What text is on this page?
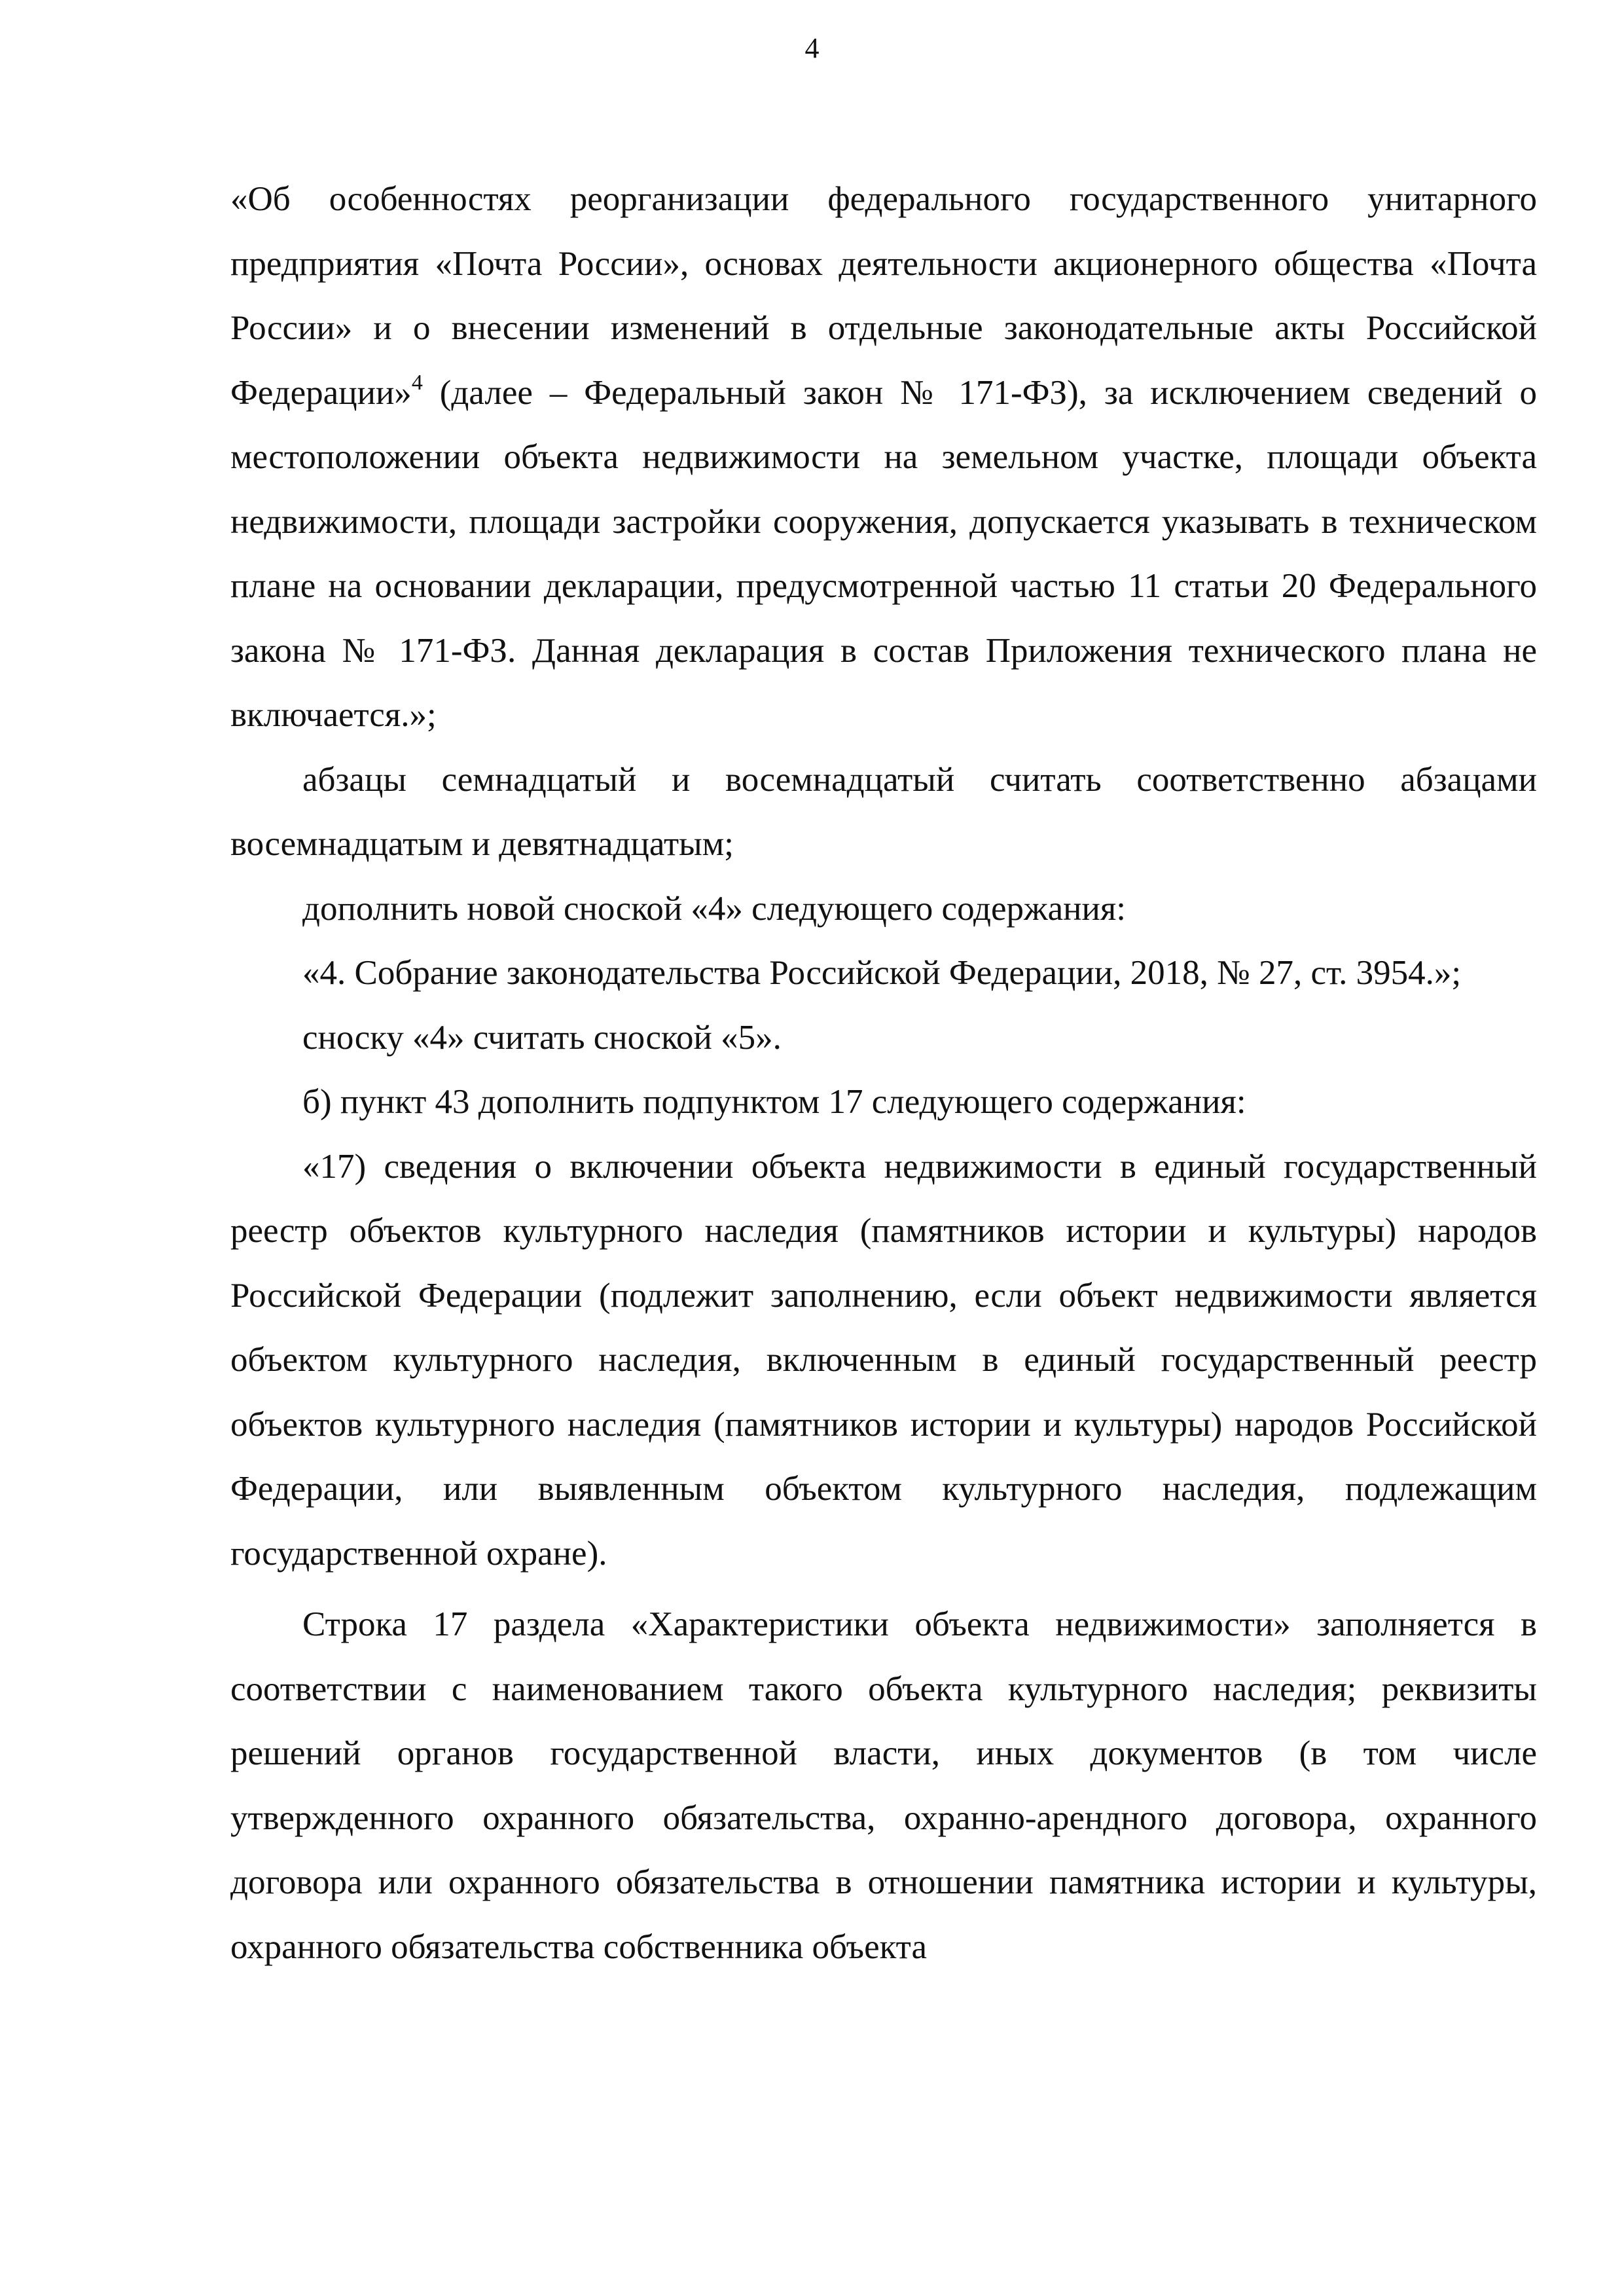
4

«Об особенностях реорганизации федерального государственного унитарного предприятия «Почта России», основах деятельности акционерного общества «Почта России» и о внесении изменений в отдельные законодательные акты Российской Федерации»$^4$ (далее – Федеральный закон № 171-ФЗ), за исключением сведений о местоположении объекта недвижимости на земельном участке, площади объекта недвижимости, площади застройки сооружения, допускается указывать в техническом плане на основании декларации, предусмотренной частью 11 статьи 20 Федерального закона № 171-ФЗ. Данная декларация в состав Приложения технического плана не включается.»;

абзацы семнадцатый и восемнадцатый считать соответственно абзацами восемнадцатым и девятнадцатым;

дополнить новой сноской «4» следующего содержания:

«4. Собрание законодательства Российской Федерации, 2018, № 27, ст. 3954.»;

сноску «4» считать сноской «5».

б) пункт 43 дополнить подпунктом 17 следующего содержания:

«17) сведения о включении объекта недвижимости в единый государственный реестр объектов культурного наследия (памятников истории и культуры) народов Российской Федерации (подлежит заполнению, если объект недвижимости является объектом культурного наследия, включенным в единый государственный реестр объектов культурного наследия (памятников истории и культуры) народов Российской Федерации, или выявленным объектом культурного наследия, подлежащим государственной охране).

Строка 17 раздела «Характеристики объекта недвижимости» заполняется в соответствии с наименованием такого объекта культурного наследия; реквизиты решений органов государственной власти, иных документов (в том числе утвержденного охранного обязательства, охранно-арендного договора, охранного договора или охранного обязательства в отношении памятника истории и культуры, охранного обязательства собственника объекта
